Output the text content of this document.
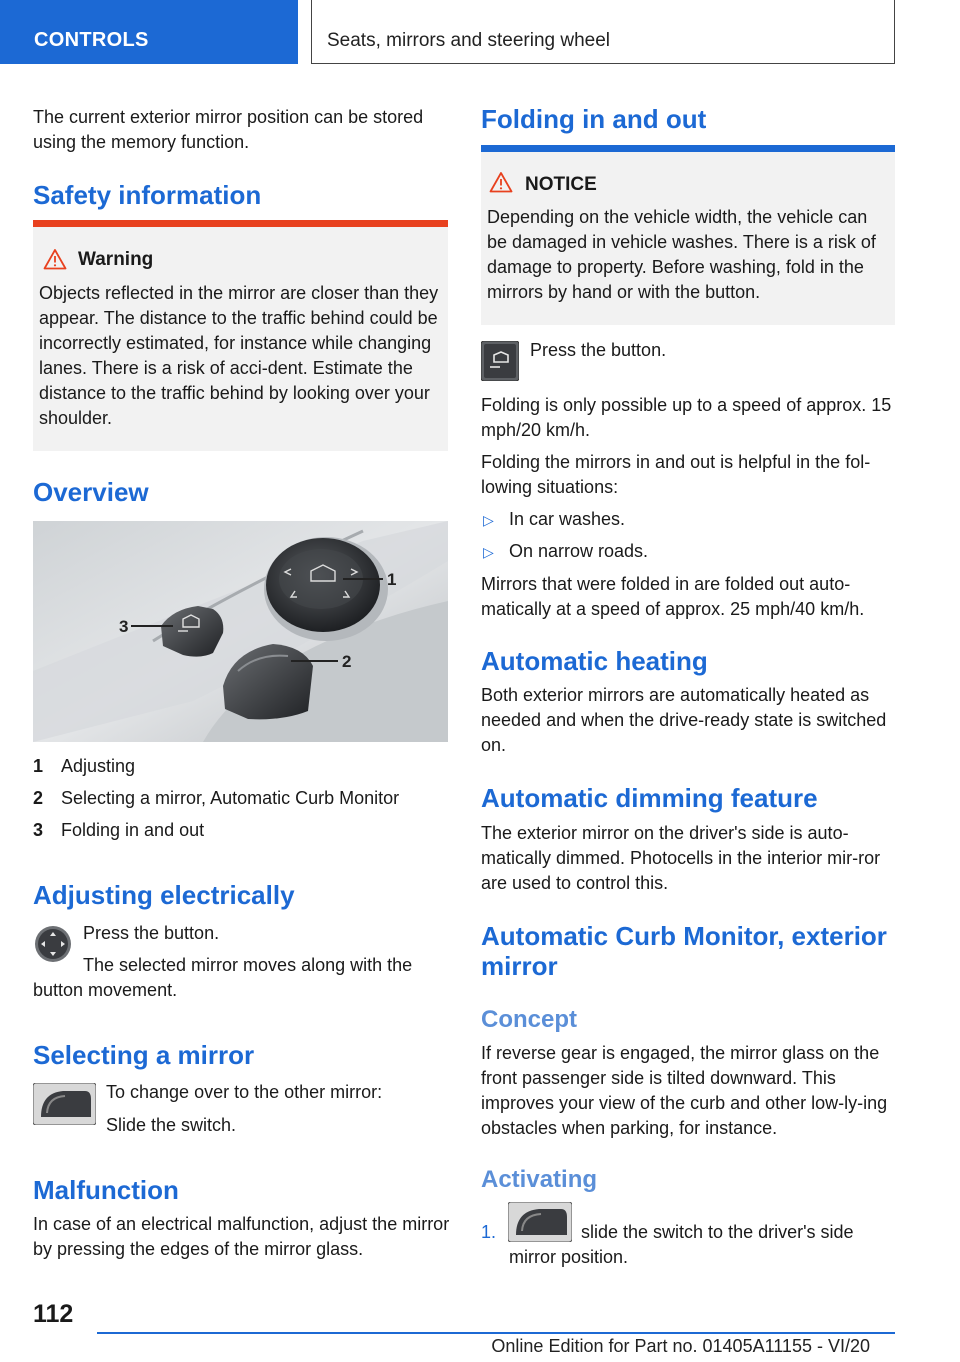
CONTROLS	Seats, mirrors and steering wheel

The current exterior mirror position can be stored using the memory function.

Safety information
Warning

Objects reflected in the mirror are closer than they appear. The distance to the traffic behind could be incorrectly estimated, for instance while changing lanes. There is a risk of acci-dent. Estimate the distance to the traffic behind by looking over your shoulder.

Overview
1
2
3
1 Adjusting
2 Selecting a mirror, Automatic Curb Monitor
3 Folding in and out
Adjusting electrically
Press the button.

The selected mirror moves along with the button movement.

Selecting a mirror
To change over to the other mirror:
Slide the switch.
Malfunction

In case of an electrical malfunction, adjust the mirror by pressing the edges of the mirror glass.

Folding in and out
NOTICE

Depending on the vehicle width, the vehicle can be damaged in vehicle washes. There is a risk of damage to property. Before washing, fold in the mirrors by hand or with the button.

Press the button.

Folding is only possible up to a speed of approx. 15 mph/20 km/h.

Folding the mirrors in and out is helpful in the fol-lowing situations:

▷ In car washes.
▷ On narrow roads.

Mirrors that were folded in are folded out auto-matically at a speed of approx. 25 mph/40 km/h.

Automatic heating

Both exterior mirrors are automatically heated as needed and when the drive-ready state is switched on.

Automatic dimming feature

The exterior mirror on the driver's side is auto-matically dimmed. Photocells in the interior mir-ror are used to control this.

Automatic Curb Monitor, exterior mirror
Concept

If reverse gear is engaged, the mirror glass on the front passenger side is tilted downward. This improves your view of the curb and other low-ly-ing obstacles when parking, for instance.

Activating
1.	slide the switch to the driver's side mirror position.

112
Online Edition for Part no. 01405A11155 - VI/20
